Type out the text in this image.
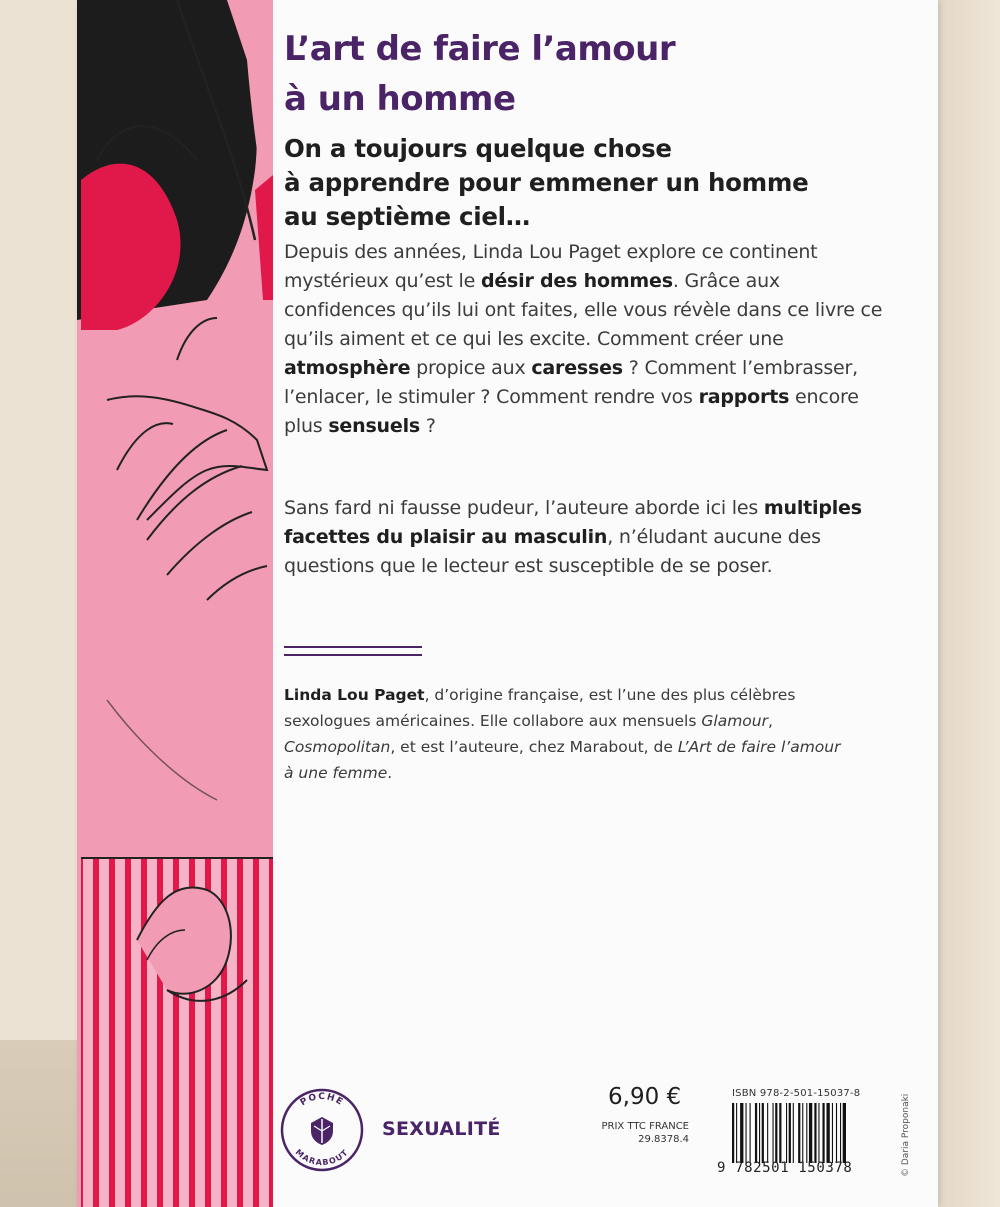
L’art de faire l’amour
à un homme

On a toujours quelque chose
à apprendre pour emmener un homme
au septième ciel…

Depuis des années, Linda Lou Paget explore ce continent mystérieux qu’est le désir des hommes. Grâce aux confidences qu’ils lui ont faites, elle vous révèle dans ce livre ce qu’ils aiment et ce qui les excite. Comment créer une atmosphère propice aux caresses ? Comment l’embrasser, l’enlacer, le stimuler ? Comment rendre vos rapports encore plus sensuels ?

Sans fard ni fausse pudeur, l’auteure aborde ici les multiples facettes du plaisir au masculin, n’éludant aucune des questions que le lecteur est susceptible de se poser.

Linda Lou Paget, d’origine française, est l’une des plus célèbres sexologues américaines. Elle collabore aux mensuels Glamour, Cosmopolitan, et est l’auteure, chez Marabout, de L’Art de faire l’amour à une femme.

POCHE
MARABOUT

SEXUALITÉ

6,90 €

PRIX TTC FRANCE
29.8378.4

ISBN 978-2-501-15037-8

9 782501 150378	© Daria Proponaki
